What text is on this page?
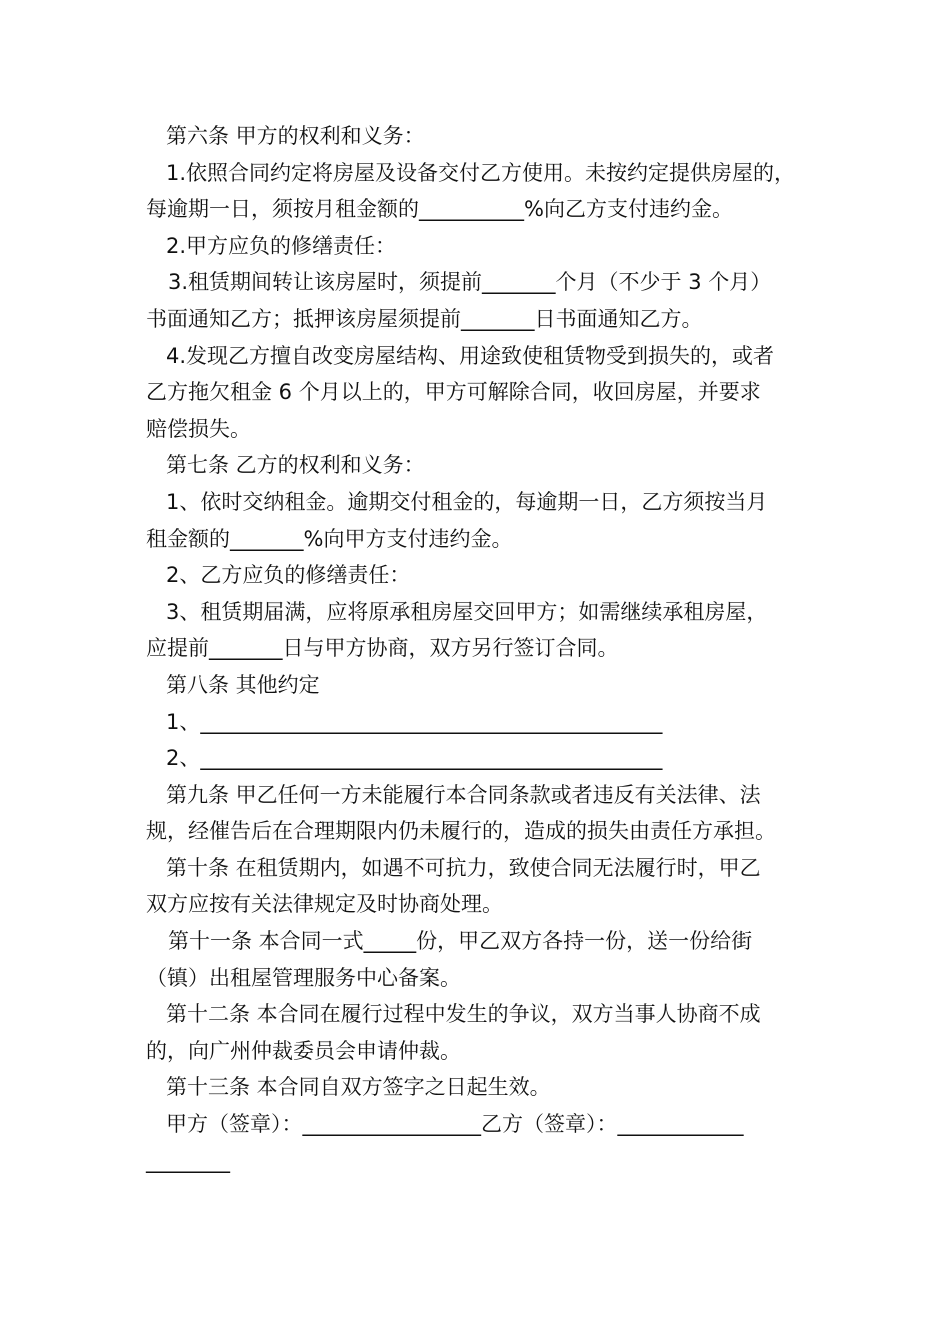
第六条 甲方的权利和义务：
1.依照合同约定将房屋及设备交付乙方使用。未按约定提供房屋的，
每逾期一日，须按月租金额的__________%向乙方支付违约金。
2.甲方应负的修缮责任：
3.租赁期间转让该房屋时，须提前_______个月（不少于 3 个月）
书面通知乙方；抵押该房屋须提前_______日书面通知乙方。
4.发现乙方擅自改变房屋结构、用途致使租赁物受到损失的，或者
乙方拖欠租金 6 个月以上的，甲方可解除合同，收回房屋，并要求
赔偿损失。
第七条 乙方的权利和义务：
1、依时交纳租金。逾期交付租金的，每逾期一日，乙方须按当月
租金额的_______%向甲方支付违约金。
2、乙方应负的修缮责任：
3、租赁期届满，应将原承租房屋交回甲方；如需继续承租房屋，
应提前_______日与甲方协商，双方另行签订合同。
第八条 其他约定
1、____________________________________________
2、____________________________________________
第九条 甲乙任何一方未能履行本合同条款或者违反有关法律、法
规，经催告后在合理期限内仍未履行的，造成的损失由责任方承担。
第十条 在租赁期内，如遇不可抗力，致使合同无法履行时，甲乙
双方应按有关法律规定及时协商处理。
第十一条 本合同一式_____份，甲乙双方各持一份，送一份给街
（镇）出租屋管理服务中心备案。
第十二条 本合同在履行过程中发生的争议，双方当事人协商不成
的，向广州仲裁委员会申请仲裁。
第十三条 本合同自双方签字之日起生效。
甲方（签章）：_________________乙方（签章）：____________
________
